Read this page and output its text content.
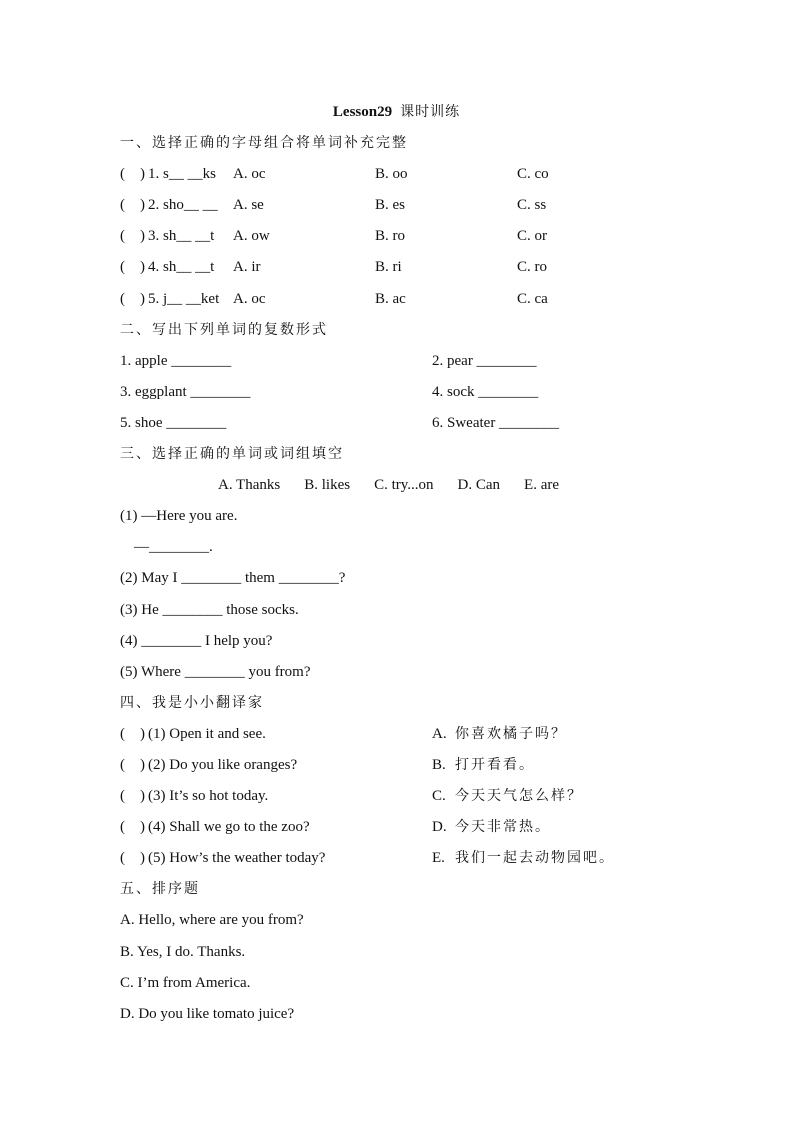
Lesson29 课时训练
一、选择正确的字母组合将单词补充完整
(    ) 1. s__ __ks	A. oc	B. oo	C. co
(    ) 2. sho__ __	A. se	B. es	C. ss
(    ) 3. sh__ __t	A. ow	B. ro	C. or
(    ) 4. sh__ __t	A. ir	B. ri	C. ro
(    ) 5. j__ __ket A. oc	B. ac	C. ca
二、写出下列单词的复数形式
1. apple ________	2. pear ________
3. eggplant ________	4. sock ________
5. shoe ________	6. Sweater ________
三、选择正确的单词或词组填空
A. Thanks B. likes C. try...on D. Can E. are
(1) —Here you are.
—________.
(2) May I ________ them ________?
(3) He ________ those socks.
(4) ________ I help you?
(5) Where ________ you from?
四、我是小小翻译家
(    ) (1) Open it and see.	A. 你喜欢橘子吗？
(    ) (2) Do you like oranges?	B. 打开看看。
(    ) (3) It’s so hot today.	C. 今天天气怎么样？
(    ) (4) Shall we go to the zoo?	D. 今天非常热。
(    ) (5) How’s the weather today?	E. 我们一起去动物园吧。
五、排序题
A. Hello, where are you from?
B. Yes, I do. Thanks.
C. I’m from America.
D. Do you like tomato juice?
